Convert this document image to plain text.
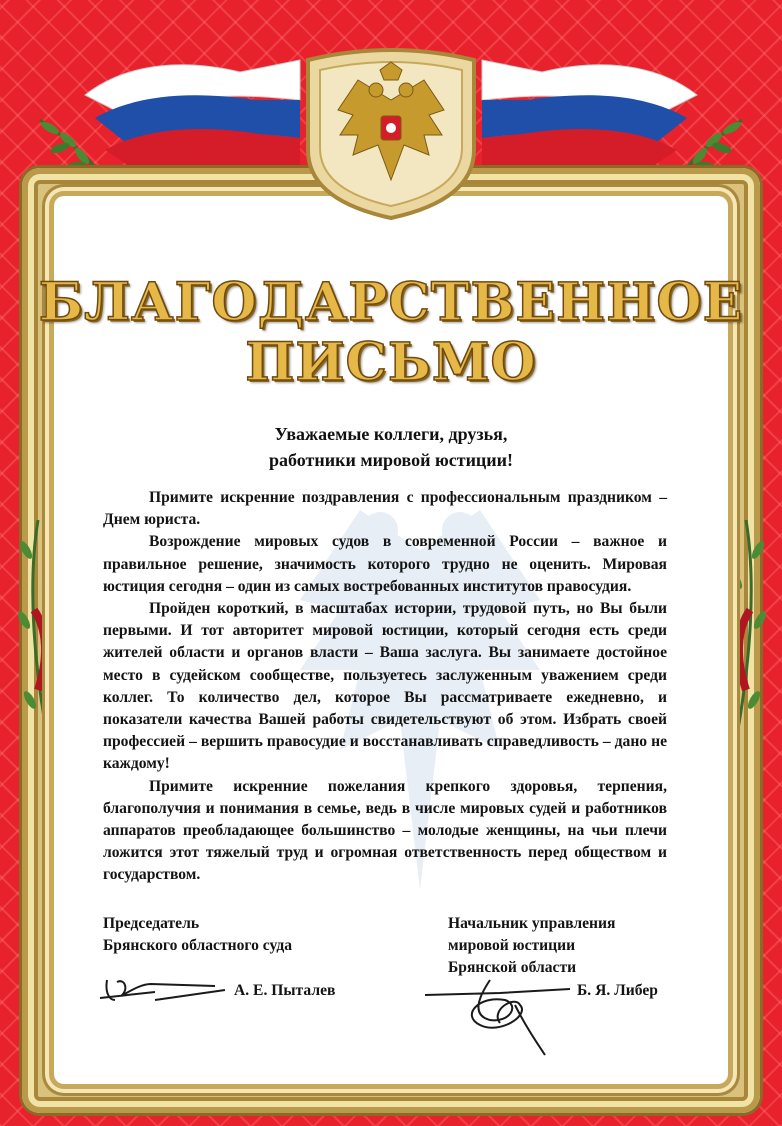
БЛАГОДАРСТВЕННОЕ
ПИСЬМО
Уважаемые коллеги, друзья,
работники мировой юстиции!

Примите искренние поздравления с профессиональным праздником – Днем юриста.

Возрождение мировых судов в современной России – важное и правильное решение, значимость которого трудно не оценить. Мировая юстиция сегодня – один из самых востребованных институтов правосудия.

Пройден короткий, в масштабах истории, трудовой путь, но Вы были первыми. И тот авторитет мировой юстиции, который сегодня есть среди жителей области и органов власти – Ваша заслуга. Вы занимаете достойное место в судейском сообществе, пользуетесь заслуженным уважением среди коллег. То количество дел, которое Вы рассматриваете ежедневно, и показатели качества Вашей работы свидетельствуют об этом. Избрать своей профессией – вершить правосудие и восстанавливать справедливость – дано не каждому!

Примите искренние пожелания крепкого здоровья, терпения, благополучия и понимания в семье, ведь в числе мировых судей и работников аппаратов преобладающее большинство – молодые женщины, на чьи плечи ложится этот тяжелый труд и огромная ответственность перед обществом и государством.

Председатель
Брянского областного суда
А. Е. Пыталев
Начальник управления
мировой юстиции
Брянской области
Б. Я. Либер
